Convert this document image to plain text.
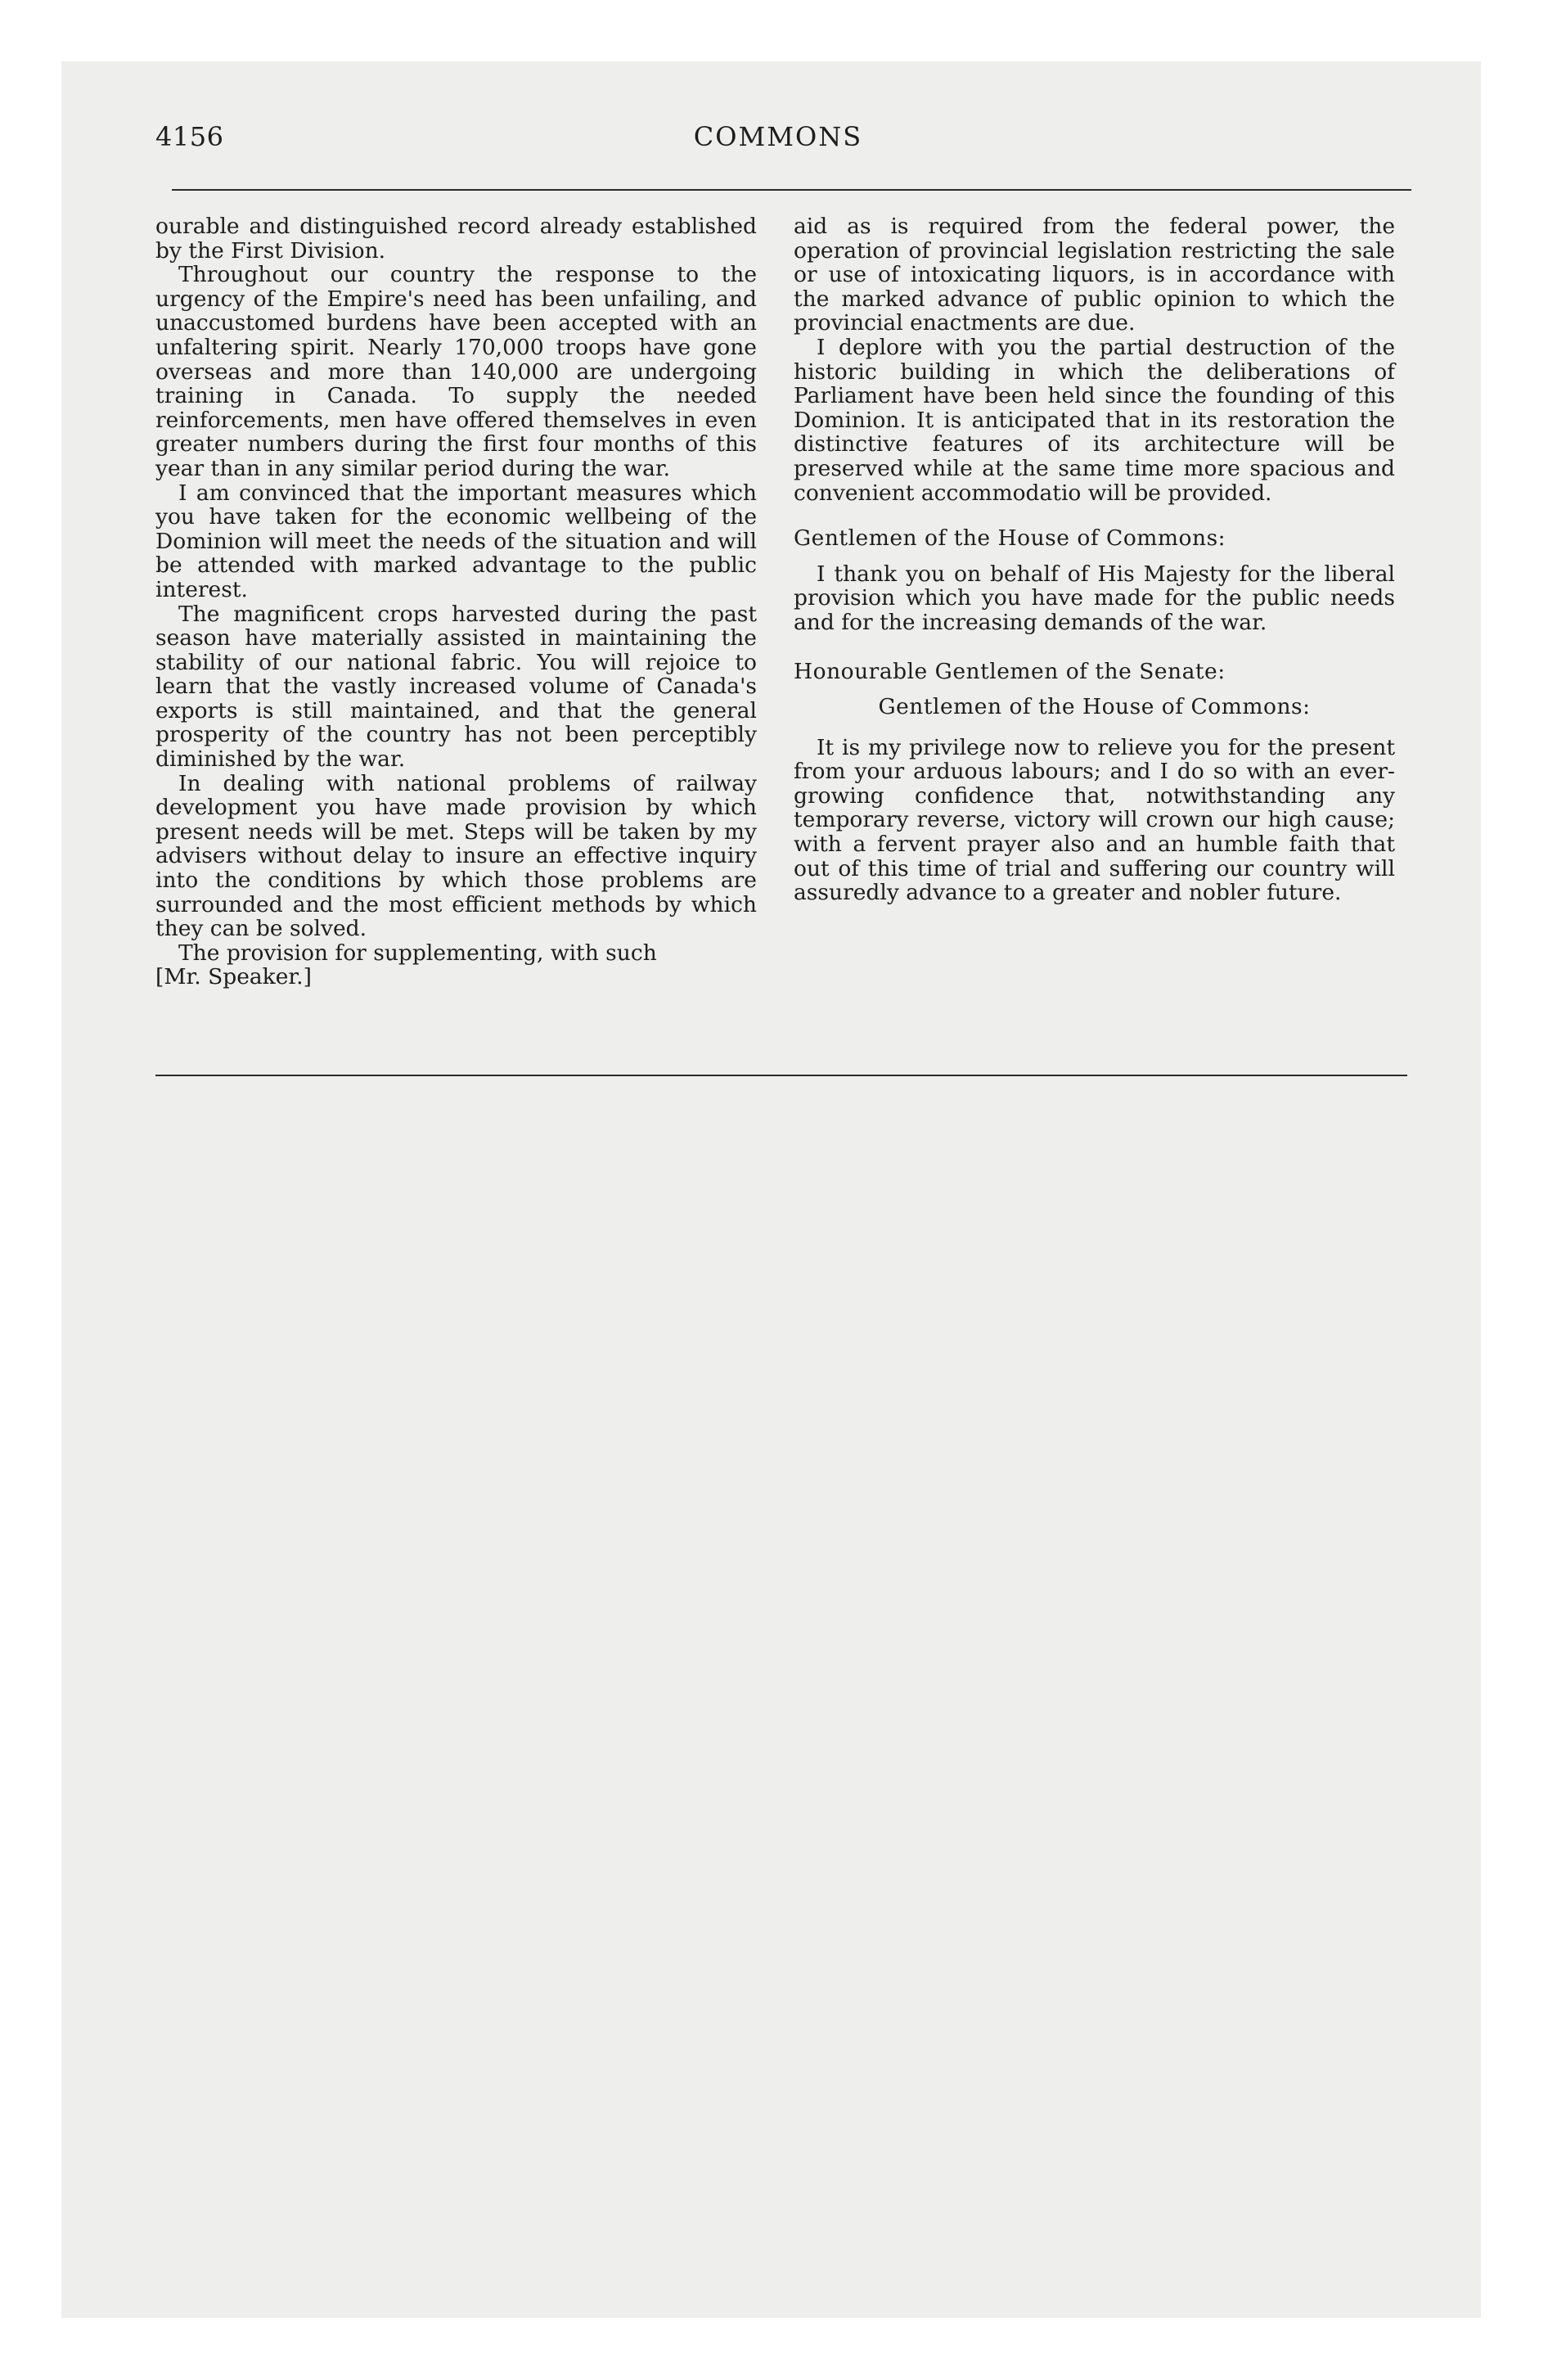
4156	COMMONS

ourable and distinguished record already established by the First Division.

Throughout our country the response to the urgency of the Empire's need has been unfailing, and unaccustomed burdens have been accepted with an unfaltering spirit. Nearly 170,000 troops have gone overseas and more than 140,000 are undergoing training in Canada. To supply the needed reinforcements, men have offered themselves in even greater numbers during the first four months of this year than in any similar period during the war.

I am convinced that the important measures which you have taken for the economic wellbeing of the Dominion will meet the needs of the situation and will be attended with marked advantage to the public interest.

The magnificent crops harvested during the past season have materially assisted in maintaining the stability of our national fabric. You will rejoice to learn that the vastly increased volume of Canada's exports is still maintained, and that the general prosperity of the country has not been perceptibly diminished by the war.

In dealing with national problems of railway development you have made provision by which present needs will be met. Steps will be taken by my advisers without delay to insure an effective inquiry into the conditions by which those problems are surrounded and the most efficient methods by which they can be solved.

The provision for supplementing, with such

[Mr. Speaker.]

aid as is required from the federal power, the operation of provincial legislation restricting the sale or use of intoxicating liquors, is in accordance with the marked advance of public opinion to which the provincial enactments are due.

I deplore with you the partial destruction of the historic building in which the deliberations of Parliament have been held since the founding of this Dominion. It is anticipated that in its restoration the distinctive features of its architecture will be preserved while at the same time more spacious and convenient accommodatio will be provided.

Gentlemen of the House of Commons:

I thank you on behalf of His Majesty for the liberal provision which you have made for the public needs and for the increasing demands of the war.

Honourable Gentlemen of the Senate:

Gentlemen of the House of Commons:

It is my privilege now to relieve you for the present from your arduous labours; and I do so with an ever-growing confidence that, notwithstanding any temporary reverse, victory will crown our high cause; with a fervent prayer also and an humble faith that out of this time of trial and suffering our country will assuredly advance to a greater and nobler future.
